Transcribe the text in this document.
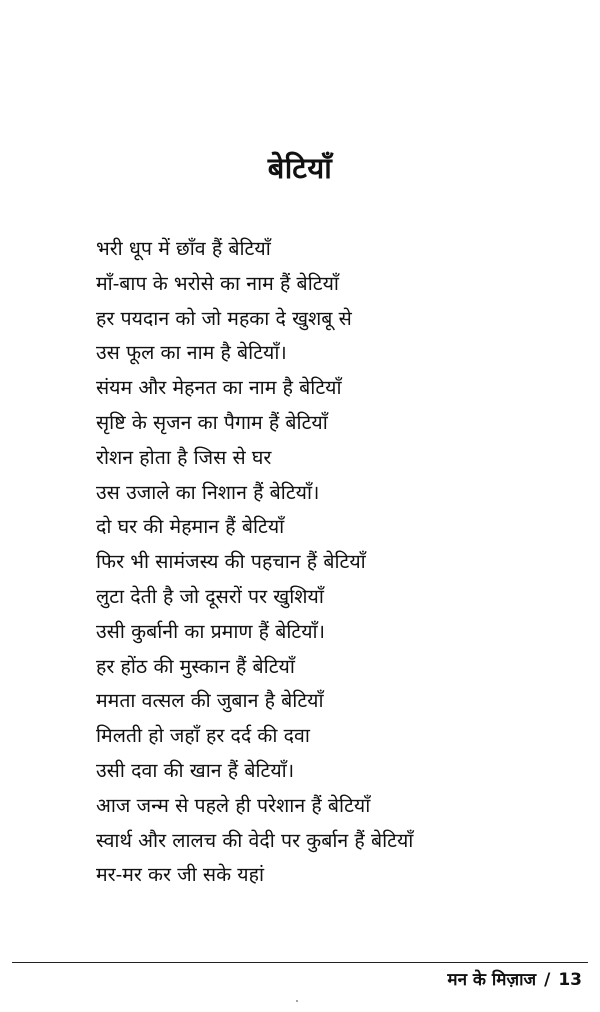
बेटियाँ

भरी धूप में छाँव हैं बेटियाँ

माँ-बाप के भरोसे का नाम हैं बेटियाँ

हर पयदान को जो महका दे खुशबू से

उस फूल का नाम है बेटियाँ।

संयम और मेहनत का नाम है बेटियाँ

सृष्टि के सृजन का पैगाम हैं बेटियाँ

रोशन होता है जिस से घर

उस उजाले का निशान हैं बेटियाँ।

दो घर की मेहमान हैं बेटियाँ

फिर भी सामंजस्य की पहचान हैं बेटियाँ

लुटा देती है जो दूसरों पर खुशियाँ

उसी कुर्बानी का प्रमाण हैं बेटियाँ।

हर होंठ की मुस्कान हैं बेटियाँ

ममता वत्सल की जुबान है बेटियाँ

मिलती हो जहाँ हर दर्द की दवा

उसी दवा की खान हैं बेटियाँ।

आज जन्म से पहले ही परेशान हैं बेटियाँ

स्वार्थ और लालच की वेदी पर कुर्बान हैं बेटियाँ

मर-मर कर जी सके यहां

मन के मिज़ाज / 13
